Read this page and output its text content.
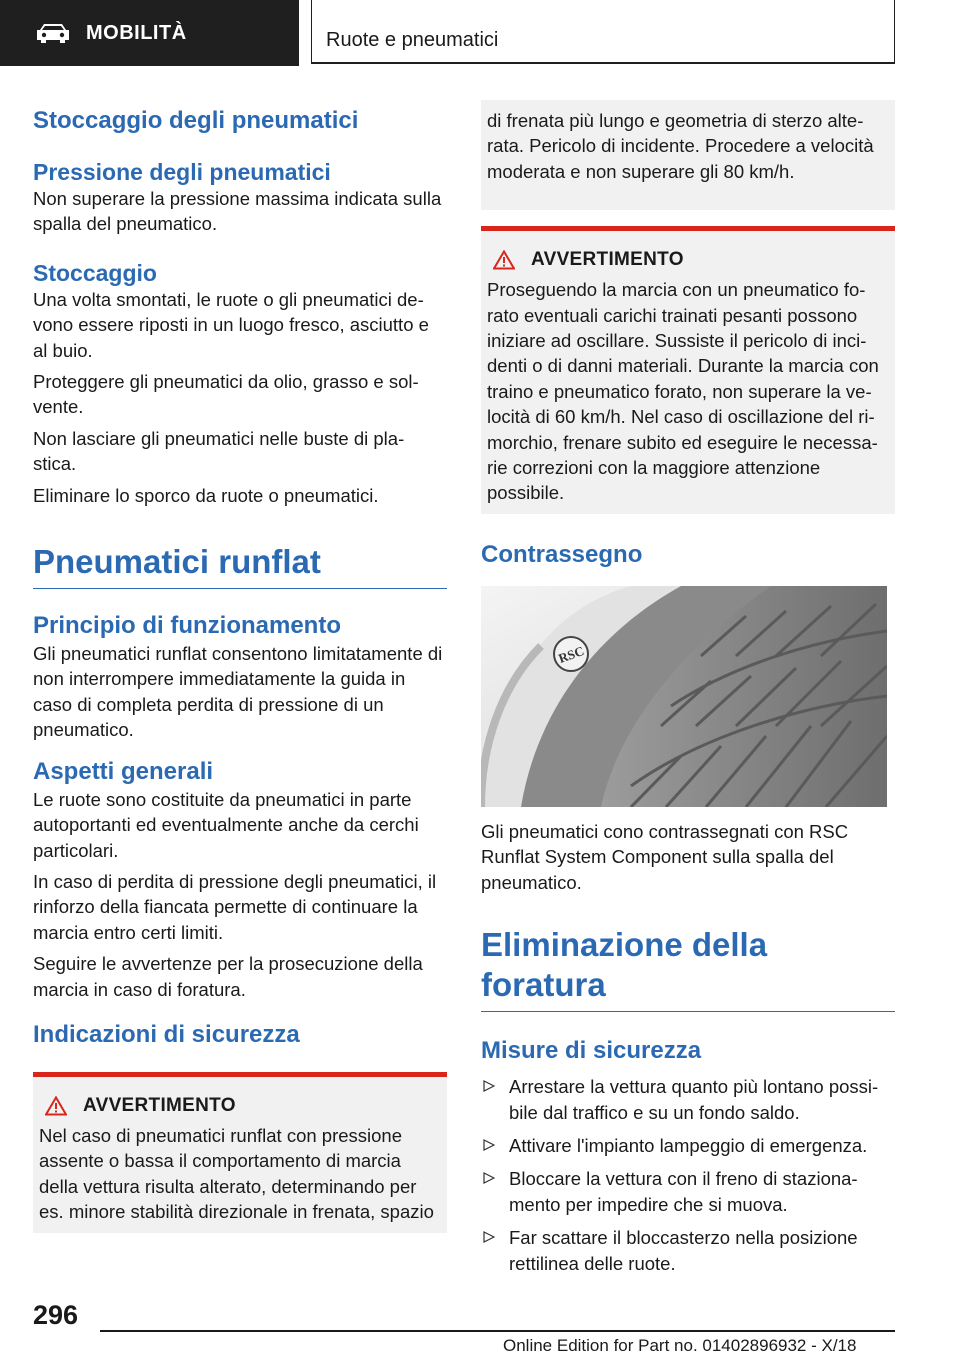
MOBILITÀ	Ruote e pneumatici
Stoccaggio degli pneumatici
Pressione degli pneumatici

Non superare la pressione massima indicata sulla spalla del pneumatico.

Stoccaggio

Una volta smontati, le ruote o gli pneumatici de- vono essere riposti in un luogo fresco, asciutto e al buio.

Proteggere gli pneumatici da olio, grasso e sol- vente.

Non lasciare gli pneumatici nelle buste di pla- stica.

Eliminare lo sporco da ruote o pneumatici.

Pneumatici runflat
Principio di funzionamento

Gli pneumatici runflat consentono limitatamente di non interrompere immediatamente la guida in caso di completa perdita di pressione di un pneumatico.

Aspetti generali

Le ruote sono costituite da pneumatici in parte autoportanti ed eventualmente anche da cerchi particolari.

In caso di perdita di pressione degli pneumatici, il rinforzo della fiancata permette di continuare la marcia entro certi limiti.

Seguire le avvertenze per la prosecuzione della marcia in caso di foratura.

Indicazioni di sicurezza
AVVERTIMENTO

Nel caso di pneumatici runflat con pressione assente o bassa il comportamento di marcia della vettura risulta alterato, determinando per es. minore stabilità direzionale in frenata, spazio

di frenata più lungo e geometria di sterzo alte- rata. Pericolo di incidente. Procedere a velocità moderata e non superare gli 80 km/h.

AVVERTIMENTO

Proseguendo la marcia con un pneumatico fo- rato eventuali carichi trainati pesanti possono iniziare ad oscillare. Sussiste il pericolo di inci- denti o di danni materiali. Durante la marcia con traino e pneumatico forato, non superare la ve- locità di 60 km/h. Nel caso di oscillazione del ri- morchio, frenare subito ed eseguire le necessa- rie correzioni con la maggiore attenzione possibile.

Contrassegno
RSC

Gli pneumatici cono contrassegnati con RSC Runflat System Component sulla spalla del pneumatico.

Eliminazione della foratura
Misure di sicurezza
Arrestare la vettura quanto più lontano possi- bile dal traffico e su un fondo saldo.
Attivare l'impianto lampeggio di emergenza.
Bloccare la vettura con il freno di staziona- mento per impedire che si muova.
Far scattare il bloccasterzo nella posizione rettilinea delle ruote.
296
Online Edition for Part no. 01402896932 - X/18
